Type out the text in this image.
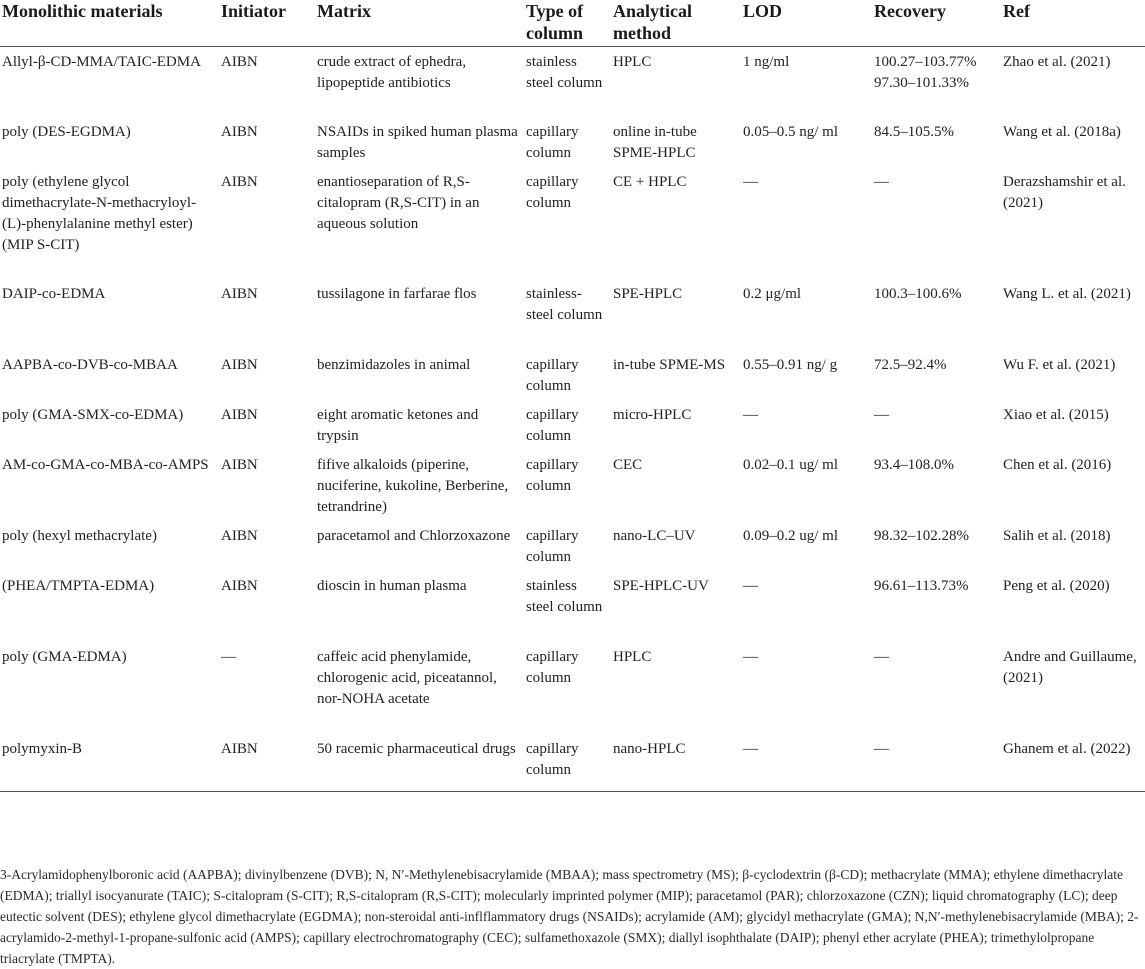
Monolithic materials	Initiator	Matrix	Type of column	Analytical method	LOD	Recovery	Ref
Allyl-β-CD-MMA/TAIC-EDMA	AIBN	crude extract of ephedra, lipopeptide antibiotics	stainless steel column	HPLC	1 ng/ml	100.27–103.77% 97.30–101.33%	Zhao et al. (2021)
poly (DES-EGDMA)	AIBN	NSAIDs in spiked human plasma samples	capillary column	online in-tube SPME-HPLC	0.05–0.5 ng/ ml	84.5–105.5%	Wang et al. (2018a)
poly (ethylene glycol dimethacrylate-N-methacryloyl-(L)-phenylalanine methyl ester) (MIP S-CIT)	AIBN	enantioseparation of R,S-citalopram (R,S-CIT) in an aqueous solution	capillary column	CE + HPLC	—	—	Derazshamshir et al. (2021)
DAIP-co-EDMA	AIBN	tussilagone in farfarae flos	stainless-steel column	SPE-HPLC	0.2 μg/ml	100.3–100.6%	Wang L. et al. (2021)
AAPBA-co-DVB-co-MBAA	AIBN	benzimidazoles in animal	capillary column	in-tube SPME-MS	0.55–0.91 ng/ g	72.5–92.4%	Wu F. et al. (2021)
poly (GMA-SMX-co-EDMA)	AIBN	eight aromatic ketones and trypsin	capillary column	micro-HPLC	—	—	Xiao et al. (2015)
AM-co-GMA-co-MBA-co-AMPS	AIBN	fifive alkaloids (piperine, nuciferine, kukoline, Berberine, tetrandrine)	capillary column	CEC	0.02–0.1 ug/ ml	93.4–108.0%	Chen et al. (2016)
poly (hexyl methacrylate)	AIBN	paracetamol and Chlorzoxazone	capillary column	nano-LC–UV	0.09–0.2 ug/ ml	98.32–102.28%	Salih et al. (2018)
(PHEA/TMPTA-EDMA)	AIBN	dioscin in human plasma	stainless steel column	SPE-HPLC-UV	—	96.61–113.73%	Peng et al. (2020)
poly (GMA-EDMA)	—	caffeic acid phenylamide, chlorogenic acid, piceatannol, nor-NOHA acetate	capillary column	HPLC	—	—	Andre and Guillaume, (2021)
polymyxin-B	AIBN	50 racemic pharmaceutical drugs	capillary column	nano-HPLC	—	—	Ghanem et al. (2022)
3-Acrylamidophenylboronic acid (AAPBA); divinylbenzene (DVB); N, N′-Methylenebisacrylamide (MBAA); mass spectrometry (MS); β-cyclodextrin (β-CD); methacrylate (MMA); ethylene dimethacrylate (EDMA); triallyl isocyanurate (TAIC); S-citalopram (S-CIT); R,S-citalopram (R,S-CIT); molecularly imprinted polymer (MIP); paracetamol (PAR); chlorzoxazone (CZN); liquid chromatography (LC); deep eutectic solvent (DES); ethylene glycol dimethacrylate (EGDMA); non-steroidal anti-inflflammatory drugs (NSAIDs); acrylamide (AM); glycidyl methacrylate (GMA); N,N′-methylenebisacrylamide (MBA); 2-acrylamido-2-methyl-1-propane-sulfonic acid (AMPS); capillary electrochromatography (CEC); sulfamethoxazole (SMX); diallyl isophthalate (DAIP); phenyl ether acrylate (PHEA); trimethylolpropane triacrylate (TMPTA).
